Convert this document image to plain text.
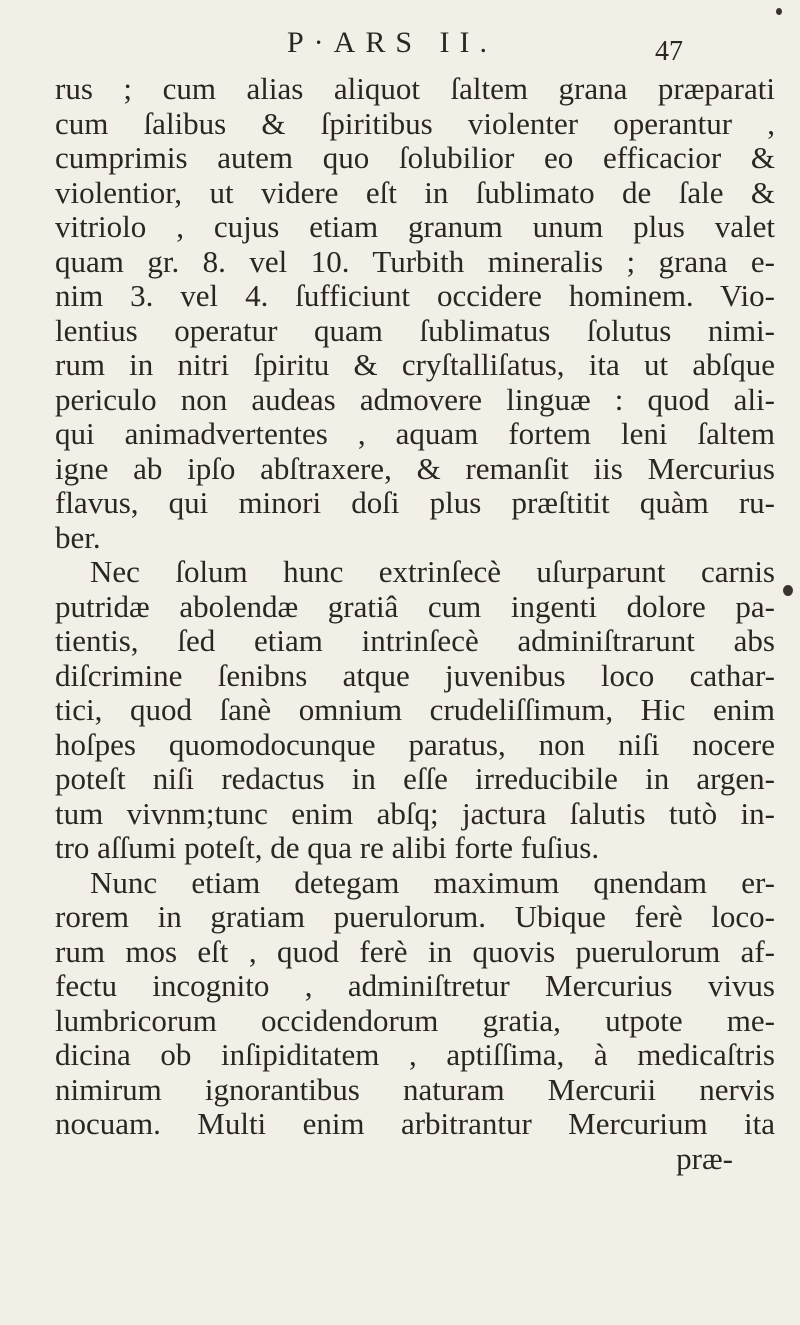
P·ARS II.	47
rus ; cum alias aliquot ſaltem grana præparati
cum ſalibus & ſpiritibus violenter operantur ,
cumprimis autem quo ſolubilior eo efficacior &
violentior, ut videre eſt in ſublimato de ſale &
vitriolo , cujus etiam granum unum plus valet
quam gr. 8. vel 10. Turbith mineralis ; grana e-
nim 3. vel 4. ſufficiunt occidere hominem. Vio-
lentius operatur quam ſublimatus ſolutus nimi-
rum in nitri ſpiritu & cryſtalliſatus, ita ut abſque
periculo non audeas admovere linguæ : quod ali-
qui animadvertentes , aquam fortem leni ſaltem
igne ab ipſo abſtraxere, & remanſit iis Mercurius
flavus, qui minori doſi plus præſtitit quàm ru-
ber.
Nec ſolum hunc extrinſecè uſurparunt carnis
putridæ abolendæ gratiâ cum ingenti dolore pa-
tientis, ſed etiam intrinſecè adminiſtrarunt abs
diſcrimine ſenibns atque juvenibus loco cathar-
tici, quod ſanè omnium crudeliſſimum, Hic enim
hoſpes quomodocunque paratus, non niſi nocere
poteſt niſi redactus in eſſe irreducibile in argen-
tum vivnm;tunc enim abſq; jactura ſalutis tutò in-
tro aſſumi poteſt, de qua re alibi forte fuſius.
Nunc etiam detegam maximum qnendam er-
rorem in gratiam puerulorum. Ubique ferè loco-
rum mos eſt , quod ferè in quovis puerulorum af-
fectu incognito , adminiſtretur Mercurius vivus
lumbricorum occidendorum gratia, utpote me-
dicina ob inſipiditatem , aptiſſima, à medicaſtris
nimirum ignorantibus naturam Mercurii nervis
nocuam. Multi enim arbitrantur Mercurium ita
præ-
